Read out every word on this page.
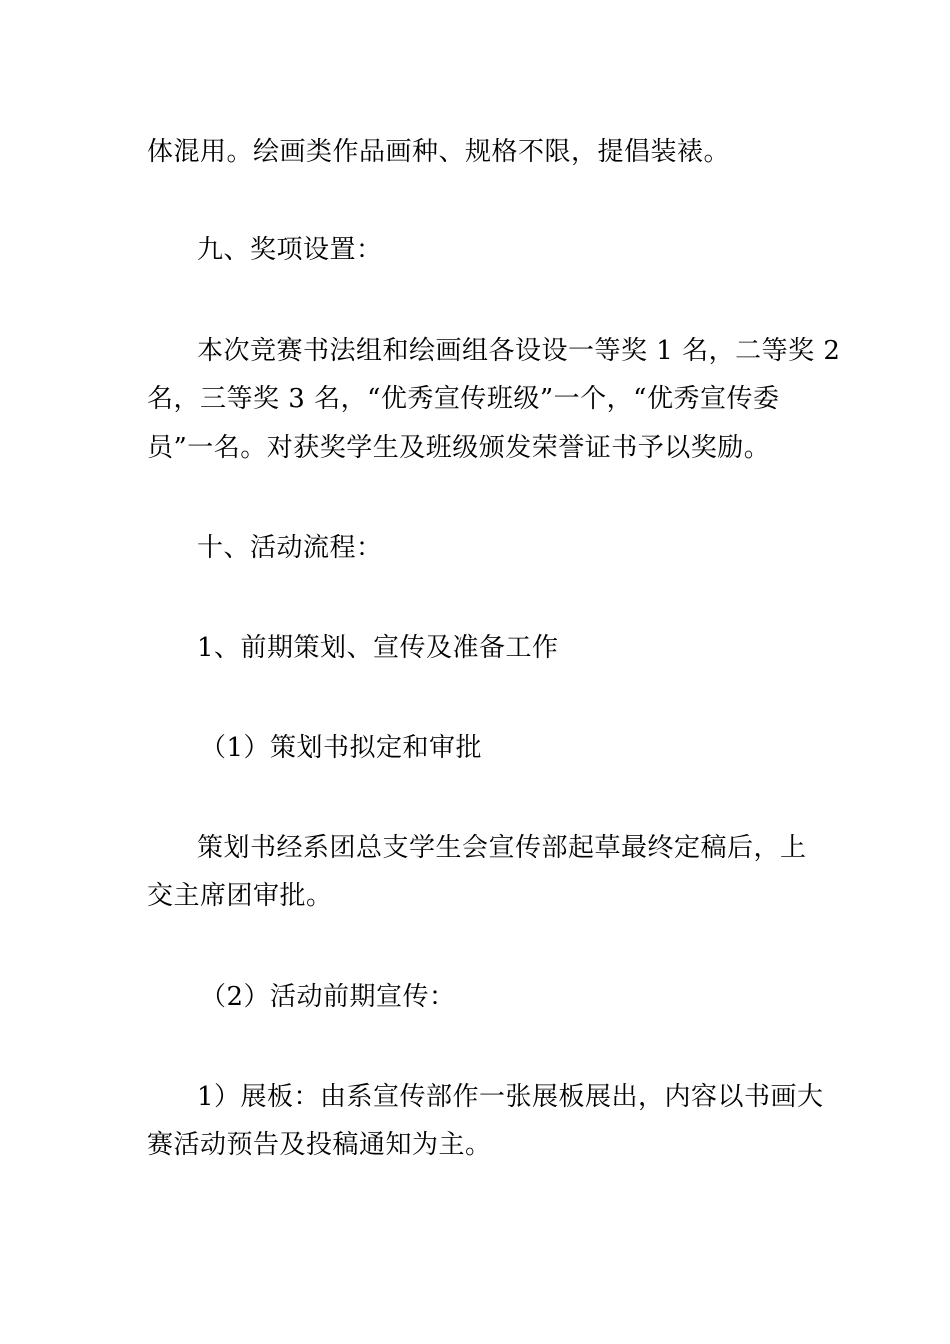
体混用。绘画类作品画种、规格不限，提倡装裱。
九、奖项设置：
本次竞赛书法组和绘画组各设设一等奖 1 名，二等奖 2
名，三等奖 3 名，“优秀宣传班级”一个，“优秀宣传委
员”一名。对获奖学生及班级颁发荣誉证书予以奖励。
十、活动流程：
1、前期策划、宣传及准备工作
（1）策划书拟定和审批
策划书经系团总支学生会宣传部起草最终定稿后，上
交主席团审批。
（2）活动前期宣传：
1）展板：由系宣传部作一张展板展出，内容以书画大
赛活动预告及投稿通知为主。
